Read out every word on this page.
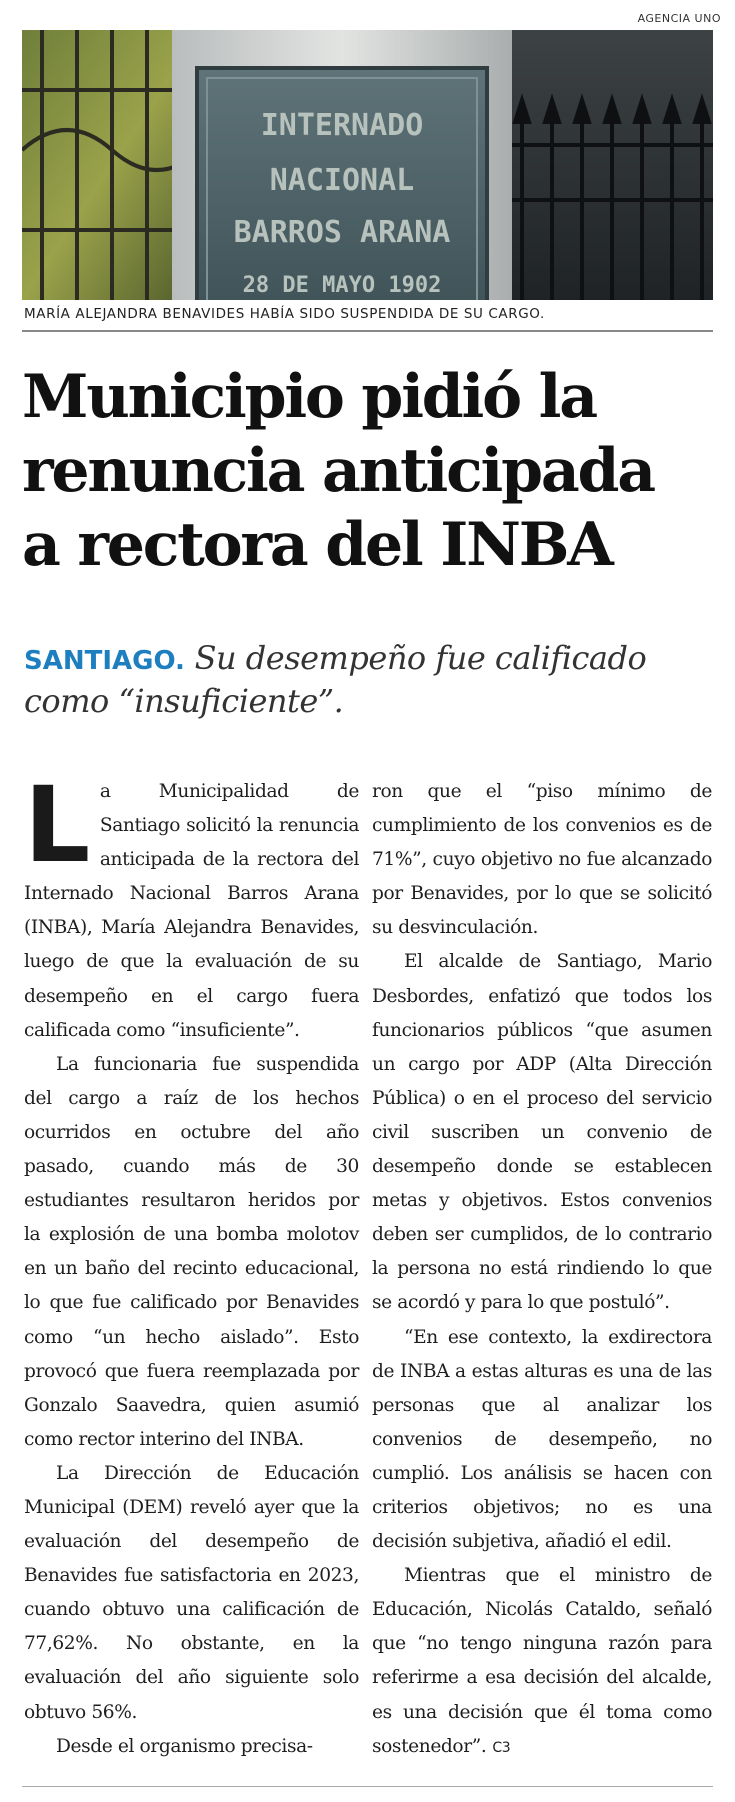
AGENCIA UNO
INTERNADO
NACIONAL
BARROS ARANA
28 DE MAYO 1902
MARÍA ALEJANDRA BENAVIDES HABÍA SIDO SUSPENDIDA DE SU CARGO.
Municipio pidió la
renuncia anticipada
a rectora del INBA
SANTIAGO. Su desempeño fue calificado como “insuficiente”.

La Municipalidad de Santiago solicitó la renuncia anticipada de la rectora del Internado Nacional Barros Arana (INBA), María Alejandra Benavides, luego de que la evaluación de su desempeño en el cargo fuera calificada como “insuficiente”.

La funcionaria fue suspendida del cargo a raíz de los hechos ocurridos en octubre del año pasado, cuando más de 30 estudiantes resultaron heridos por la explosión de una bomba molotov en un baño del recinto educacional, lo que fue calificado por Benavides como “un hecho aislado”. Esto provocó que fuera reemplazada por Gonzalo Saavedra, quien asumió como rector interino del INBA.

La Dirección de Educación Municipal (DEM) reveló ayer que la evaluación del desempeño de Benavides fue satisfactoria en 2023, cuando obtuvo una calificación de 77,62%. No obstante, en la evaluación del año siguiente solo obtuvo 56%.

Desde el organismo precisa-

ron que el “piso mínimo de cumplimiento de los convenios es de 71%”, cuyo objetivo no fue alcanzado por Benavides, por lo que se solicitó su desvinculación.

El alcalde de Santiago, Mario Desbordes, enfatizó que todos los funcionarios públicos “que asumen un cargo por ADP (Alta Dirección Pública) o en el proceso del servicio civil suscriben un convenio de desempeño donde se establecen metas y objetivos. Estos convenios deben ser cumplidos, de lo contrario la persona no está rindiendo lo que se acordó y para lo que postuló”.

“En ese contexto, la exdirectora de INBA a estas alturas es una de las personas que al analizar los convenios de desempeño, no cumplió. Los análisis se hacen con criterios objetivos; no es una decisión subjetiva, añadió el edil.

Mientras que el ministro de Educación, Nicolás Cataldo, señaló que “no tengo ninguna razón para referirme a esa decisión del alcalde, es una decisión que él toma como sostenedor”. C3
